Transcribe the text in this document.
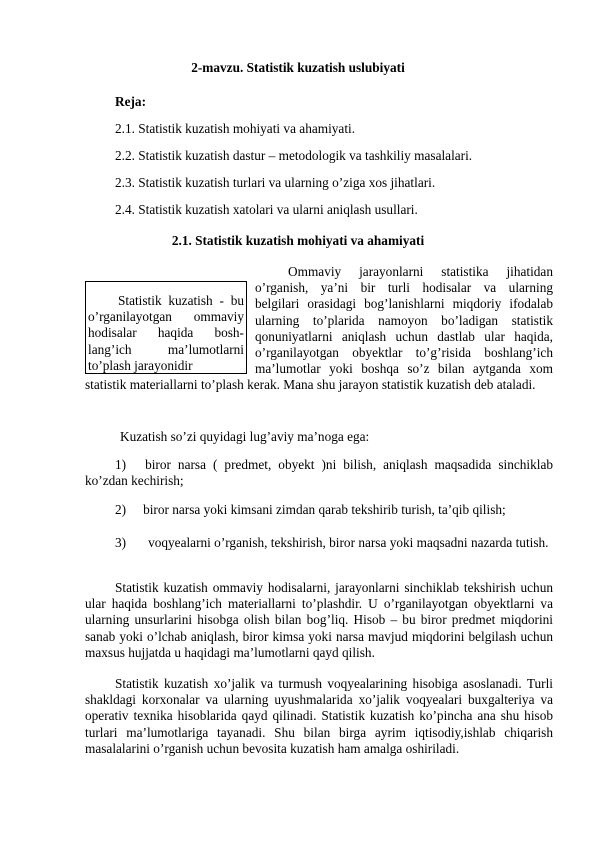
2-mavzu. Statistik kuzatish uslubiyati
Reja:
2.1. Statistik kuzatish mohiyati va ahamiyati.
2.2. Statistik kuzatish dastur – metodologik va tashkiliy masalalari.
2.3. Statistik kuzatish turlari va ularning o’ziga xos jihatlari.
2.4. Statistik kuzatish xatolari va ularni aniqlash usullari.
2.1. Statistik kuzatish mohiyati va ahamiyati
Statistik kuzatish - bu o’rganilayotgan ommaviy hodisalar haqida bosh-lang’ich ma’lumotlarni to’plash jarayonidir
Ommaviy jarayonlarni statistika jihatidan
o’rganish, ya’ni bir turli hodisalar va ularning
belgilari orasidagi bog’lanishlarni miqdoriy ifodalab
ularning to’plarida namoyon bo’ladigan statistik
qonuniyatlarni aniqlash uchun dastlab ular haqida,
o’rganilayotgan obyektlar to’g’risida boshlang’ich
ma’lumotlar yoki boshqa so’z bilan aytganda xom
statistik materiallarni to’plash kerak. Mana shu jarayon statistik kuzatish deb ataladi.
Kuzatish so’zi quyidagi lug’aviy ma’noga ega:
1) biror narsa ( predmet, obyekt )ni bilish, aniqlash maqsadida sinchiklab ko’zdan kechirish;
2) biror narsa yoki kimsani zimdan qarab tekshirib turish, ta’qib qilish;
3) voqyealarni o’rganish, tekshirish, biror narsa yoki maqsadni nazarda tutish.
Statistik kuzatish ommaviy hodisalarni, jarayonlarni sinchiklab tekshirish uchun ular haqida boshlang’ich materiallarni to’plashdir. U o’rganilayotgan obyektlarni va ularning unsurlarini hisobga olish bilan bog’liq. Hisob – bu biror predmet miqdorini sanab yoki o’lchab aniqlash, biror kimsa yoki narsa mavjud miqdorini belgilash uchun maxsus hujjatda u haqidagi ma’lumotlarni qayd qilish.
Statistik kuzatish xo’jalik va turmush voqyealarining hisobiga asoslanadi. Turli shakldagi korxonalar va ularning uyushmalarida xo’jalik voqyealari buxgalteriya va operativ texnika hisoblarida qayd qilinadi. Statistik kuzatish ko’pincha ana shu hisob turlari ma’lumotlariga tayanadi. Shu bilan birga ayrim iqtisodiy,ishlab chiqarish masalalarini o’rganish uchun bevosita kuzatish ham amalga oshiriladi.
